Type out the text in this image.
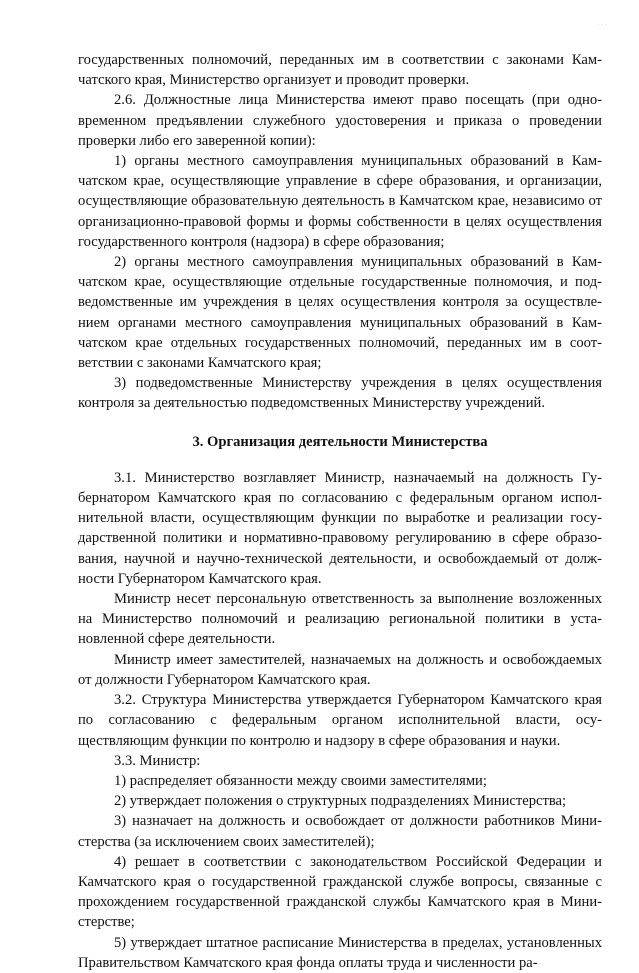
· · ·

государственных полномочий, переданных им в соответствии с законами Камчатского края, Министерство организует и проводит проверки.

2.6. Должностные лица Министерства имеют право посещать (при одновременном предъявлении служебного удостоверения и приказа о проведении проверки либо его заверенной копии):

1) органы местного самоуправления муниципальных образований в Камчатском крае, осуществляющие управление в сфере образования, и организации, осуществляющие образовательную деятельность в Камчатском крае, независимо от организационно-правовой формы и формы собственности в целях осуществления государственного контроля (надзора) в сфере образования;

2) органы местного самоуправления муниципальных образований в Камчатском крае, осуществляющие отдельные государственные полномочия, и подведомственные им учреждения в целях осуществления контроля за осуществлением органами местного самоуправления муниципальных образований в Камчатском крае отдельных государственных полномочий, переданных им в соответствии с законами Камчатского края;

3) подведомственные Министерству учреждения в целях осуществления контроля за деятельностью подведомственных Министерству учреждений.

3. Организация деятельности Министерства

3.1. Министерство возглавляет Министр, назначаемый на должность Губернатором Камчатского края по согласованию с федеральным органом исполнительной власти, осуществляющим функции по выработке и реализации государственной политики и нормативно-правовому регулированию в сфере образования, научной и научно-технической деятельности, и освобождаемый от должности Губернатором Камчатского края.

Министр несет персональную ответственность за выполнение возложенных на Министерство полномочий и реализацию региональной политики в установленной сфере деятельности.

Министр имеет заместителей, назначаемых на должность и освобождаемых от должности Губернатором Камчатского края.

3.2. Структура Министерства утверждается Губернатором Камчатского края по согласованию с федеральным органом исполнительной власти, осуществляющим функции по контролю и надзору в сфере образования и науки.

3.3. Министр:

1) распределяет обязанности между своими заместителями;

2) утверждает положения о структурных подразделениях Министерства;

3) назначает на должность и освобождает от должности работников Министерства (за исключением своих заместителей);

4) решает в соответствии с законодательством Российской Федерации и Камчатского края о государственной гражданской службе вопросы, связанные с прохождением государственной гражданской службы Камчатского края в Министерстве;

5) утверждает штатное расписание Министерства в пределах, установленных Правительством Камчатского края фонда оплаты труда и численности ра-
